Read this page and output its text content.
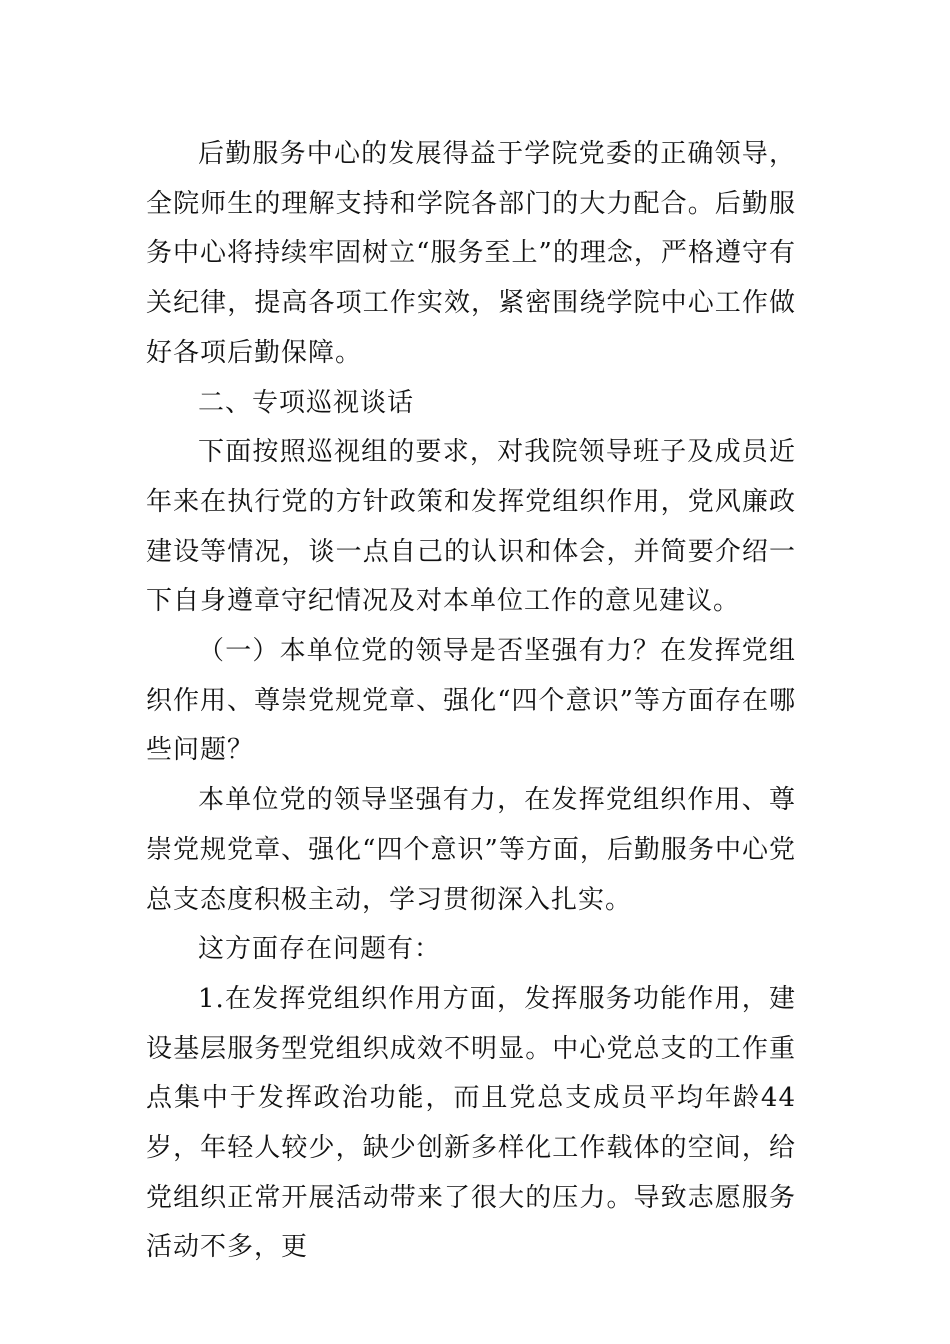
后勤服务中心的发展得益于学院党委的正确领导，全院师生的理解支持和学院各部门的大力配合。后勤服务中心将持续牢固树立“服务至上”的理念，严格遵守有关纪律，提高各项工作实效，紧密围绕学院中心工作做好各项后勤保障。

二、专项巡视谈话

下面按照巡视组的要求，对我院领导班子及成员近年来在执行党的方针政策和发挥党组织作用，党风廉政建设等情况，谈一点自己的认识和体会，并简要介绍一下自身遵章守纪情况及对本单位工作的意见建议。

（一）本单位党的领导是否坚强有力？在发挥党组织作用、尊崇党规党章、强化“四个意识”等方面存在哪些问题？

本单位党的领导坚强有力，在发挥党组织作用、尊崇党规党章、强化“四个意识”等方面，后勤服务中心党总支态度积极主动，学习贯彻深入扎实。

这方面存在问题有：

1.在发挥党组织作用方面，发挥服务功能作用，建设基层服务型党组织成效不明显。中心党总支的工作重点集中于发挥政治功能，而且党总支成员平均年龄44岁，年轻人较少，缺少创新多样化工作载体的空间，给党组织正常开展活动带来了很大的压力。导致志愿服务活动不多，更
